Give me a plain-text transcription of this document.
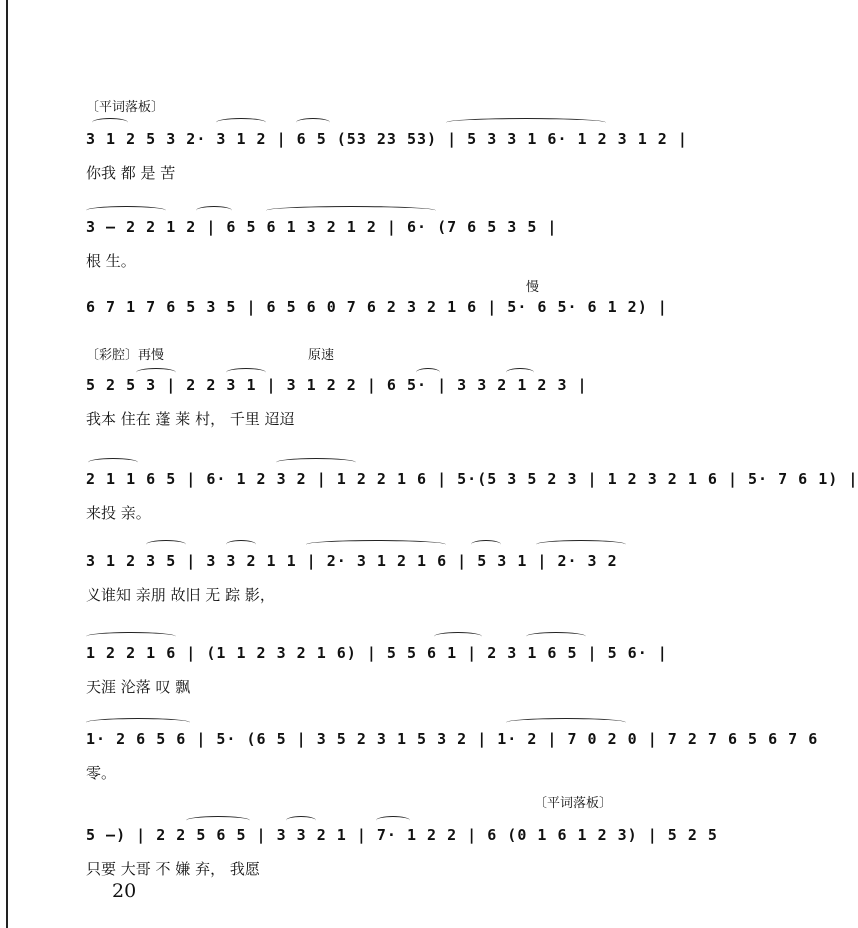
〔平词落板〕
3 1 2 5 3 2· 3 1 2 | 6 5 (53 23 53) | 5 3 3 1 6· 1 2 3 1 2 |
你我 都 是 苦
3 – 2 2 1 2 | 6 5 6 1 3 2 1 2 | 6· (7 6 5 3 5 |
根 生。
慢
6 7 1 7 6 5 3 5 | 6 5 6 0 7 6 2 3 2 1 6 | 5· 6 5· 6 1 2) |
〔彩腔〕再慢	原速
5 2 5 3 | 2 2 3 1 | 3 1 2 2 | 6 5· | 3 3 2 1 2 3 |
我本 住在 蓬 莱 村， 千里 迢迢
2 1 1 6 5 | 6· 1 2 3 2 | 1 2 2 1 6 | 5·(5 3 5 2 3 | 1 2 3 2 1 6 | 5· 7 6 1) |
来投 亲。
3 1 2 3 5 | 3 3 2 1 1 | 2· 3 1 2 1 6 | 5 3 1 | 2· 3 2
义谁知 亲朋 故旧 无 踪 影，
1 2 2 1 6 | (1 1 2 3 2 1 6) | 5 5 6 1 | 2 3 1 6 5 | 5 6· |
天涯 沦落 叹 飘
1· 2 6 5 6 | 5· (6 5 | 3 5 2 3 1 5 3 2 | 1· 2 | 7 0 2 0 | 7 2 7 6 5 6 7 6
零。
〔平词落板〕
5 –) | 2 2 5 6 5 | 3 3 2 1 | 7· 1 2 2 | 6 (0 1 6 1 2 3) | 5 2 5
只要 大哥 不 嫌 弃， 我愿
20
